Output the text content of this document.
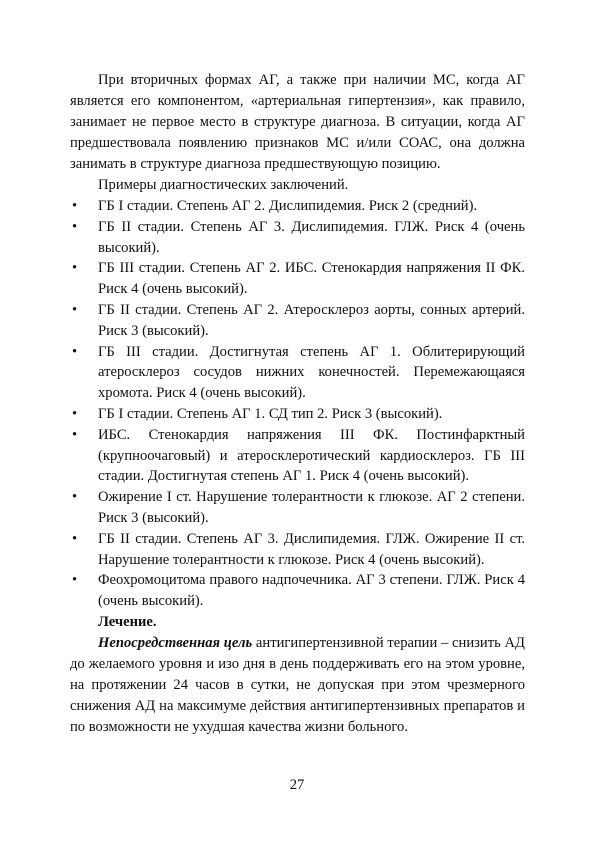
При вторичных формах АГ, а также при наличии МС, когда АГ является его компонентом, «артериальная гипертензия», как правило, занимает не первое место в структуре диагноза. В ситуации, когда АГ предшествовала появлению признаков МС и/или СОАС, она должна занимать в структуре диагноза предшествующую позицию.

Примеры диагностических заключений.

• ГБ I стадии. Степень АГ 2. Дислипидемия. Риск 2 (средний).
• ГБ II стадии. Степень АГ 3. Дислипидемия. ГЛЖ. Риск 4 (очень высокий).
• ГБ III стадии. Степень АГ 2. ИБС. Стенокардия напряжения II ФК. Риск 4 (очень высокий).
• ГБ II стадии. Степень АГ 2. Атеросклероз аорты, сонных артерий. Риск 3 (высокий).
• ГБ III стадии. Достигнутая степень АГ 1. Облитерирующий атеросклероз сосудов нижних конечностей. Перемежающаяся хромота. Риск 4 (очень высокий).
• ГБ I стадии. Степень АГ 1. СД тип 2. Риск 3 (высокий).
• ИБС. Стенокардия напряжения III ФК. Постинфарктный (крупноочаговый) и атеросклеротический кардиосклероз. ГБ III стадии. Достигнутая степень АГ 1. Риск 4 (очень высокий).
• Ожирение I ст. Нарушение толерантности к глюкозе. АГ 2 степени. Риск 3 (высокий).
• ГБ II стадии. Степень АГ 3. Дислипидемия. ГЛЖ. Ожирение II ст. Нарушение толерантности к глюкозе. Риск 4 (очень высокий).
• Феохромоцитома правого надпочечника. АГ 3 степени. ГЛЖ. Риск 4 (очень высокий).

Лечение.

Непосредственная цель антигипертензивной терапии – снизить АД до желаемого уровня и изо дня в день поддерживать его на этом уровне, на протяжении 24 часов в сутки, не допуская при этом чрезмерного снижения АД на максимуме действия антигипертензивных препаратов и по возможности не ухудшая качества жизни больного.

27
